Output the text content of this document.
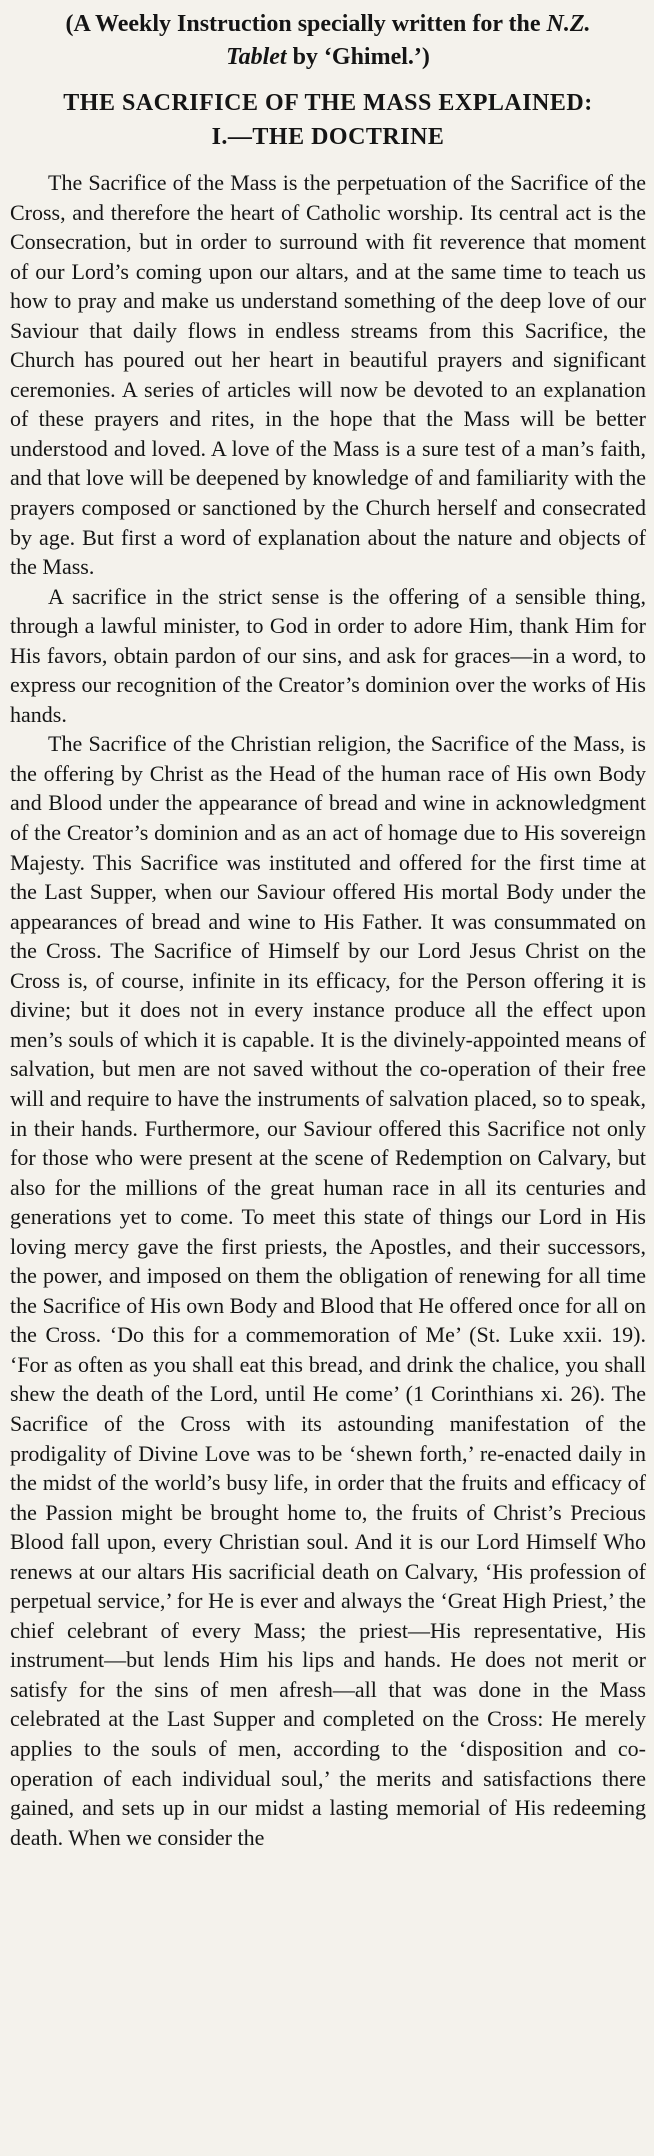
(A Weekly Instruction specially written for the N.Z.
Tablet by ‘Ghimel.’)
THE SACRIFICE OF THE MASS EXPLAINED:
I.—THE DOCTRINE

The Sacrifice of the Mass is the perpetuation of the Sacrifice of the Cross, and therefore the heart of Catholic worship. Its central act is the Consecration, but in order to surround with fit reverence that moment of our Lord’s coming upon our altars, and at the same time to teach us how to pray and make us understand something of the deep love of our Saviour that daily flows in endless streams from this Sacrifice, the Church has poured out her heart in beautiful prayers and significant ceremonies. A series of articles will now be devoted to an explanation of these prayers and rites, in the hope that the Mass will be better understood and loved. A love of the Mass is a sure test of a man’s faith, and that love will be deepened by knowledge of and familiarity with the prayers composed or sanctioned by the Church herself and consecrated by age. But first a word of explanation about the nature and objects of the Mass.

A sacrifice in the strict sense is the offering of a sensible thing, through a lawful minister, to God in order to adore Him, thank Him for His favors, obtain pardon of our sins, and ask for graces—in a word, to express our recognition of the Creator’s dominion over the works of His hands.

The Sacrifice of the Christian religion, the Sacrifice of the Mass, is the offering by Christ as the Head of the human race of His own Body and Blood under the appearance of bread and wine in acknowledgment of the Creator’s dominion and as an act of homage due to His sovereign Majesty. This Sacrifice was instituted and offered for the first time at the Last Supper, when our Saviour offered His mortal Body under the appearances of bread and wine to His Father. It was consummated on the Cross. The Sacrifice of Himself by our Lord Jesus Christ on the Cross is, of course, infinite in its efficacy, for the Person offering it is divine; but it does not in every instance produce all the effect upon men’s souls of which it is capable. It is the divinely-appointed means of salvation, but men are not saved without the co-operation of their free will and require to have the instruments of salvation placed, so to speak, in their hands. Furthermore, our Saviour offered this Sacrifice not only for those who were present at the scene of Redemption on Calvary, but also for the millions of the great human race in all its centuries and generations yet to come. To meet this state of things our Lord in His loving mercy gave the first priests, the Apostles, and their successors, the power, and imposed on them the obligation of renewing for all time the Sacrifice of His own Body and Blood that He offered once for all on the Cross. ‘Do this for a commemoration of Me’ (St. Luke xxii. 19). ‘For as often as you shall eat this bread, and drink the chalice, you shall shew the death of the Lord, until He come’ (1 Corinthians xi. 26). The Sacrifice of the Cross with its astounding manifestation of the prodigality of Divine Love was to be ‘shewn forth,’ re-enacted daily in the midst of the world’s busy life, in order that the fruits and efficacy of the Passion might be brought home to, the fruits of Christ’s Precious Blood fall upon, every Christian soul. And it is our Lord Himself Who renews at our altars His sacrificial death on Calvary, ‘His profession of perpetual service,’ for He is ever and always the ‘Great High Priest,’ the chief celebrant of every Mass; the priest—His representative, His instrument—but lends Him his lips and hands. He does not merit or satisfy for the sins of men afresh—all that was done in the Mass celebrated at the Last Supper and completed on the Cross: He merely applies to the souls of men, according to the ‘disposition and co-operation of each individual soul,’ the merits and satisfactions there gained, and sets up in our midst a lasting memorial of His redeeming death. When we consider the
